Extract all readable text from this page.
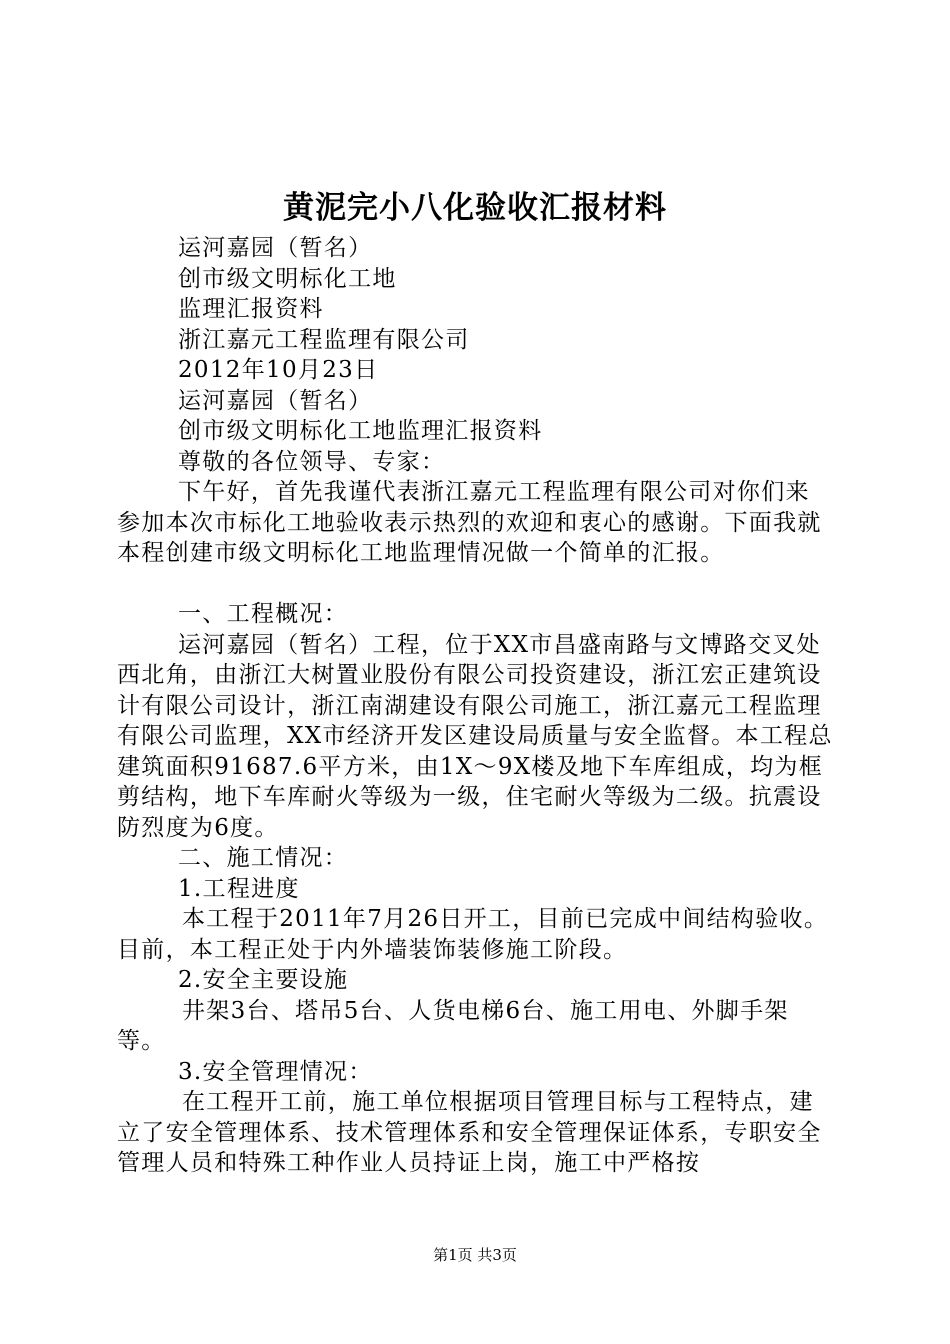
黄泥完小八化验收汇报材料

运河嘉园（暂名）

创市级文明标化工地

监理汇报资料

浙江嘉元工程监理有限公司

2012年10月23日

运河嘉园（暂名）

创市级文明标化工地监理汇报资料

尊敬的各位领导、专家：

下午好，首先我谨代表浙江嘉元工程监理有限公司对你们来参加本次市标化工地验收表示热烈的欢迎和衷心的感谢。下面我就本程创建市级文明标化工地监理情况做一个简单的汇报。

一、工程概况：

运河嘉园（暂名）工程，位于XX市昌盛南路与文博路交叉处西北角，由浙江大树置业股份有限公司投资建设，浙江宏正建筑设计有限公司设计，浙江南湖建设有限公司施工，浙江嘉元工程监理有限公司监理，XX市经济开发区建设局质量与安全监督。本工程总建筑面积91687.6平方米，由1X～9X楼及地下车库组成，均为框剪结构，地下车库耐火等级为一级，住宅耐火等级为二级。抗震设防烈度为6度。

二、施工情况：

1.工程进度

本工程于2011年7月26日开工，目前已完成中间结构验收。目前，本工程正处于内外墙装饰装修施工阶段。

2.安全主要设施

井架3台、塔吊5台、人货电梯6台、施工用电、外脚手架等。

3.安全管理情况：

在工程开工前，施工单位根据项目管理目标与工程特点，建立了安全管理体系、技术管理体系和安全管理保证体系，专职安全管理人员和特殊工种作业人员持证上岗，施工中严格按

第1页 共3页
